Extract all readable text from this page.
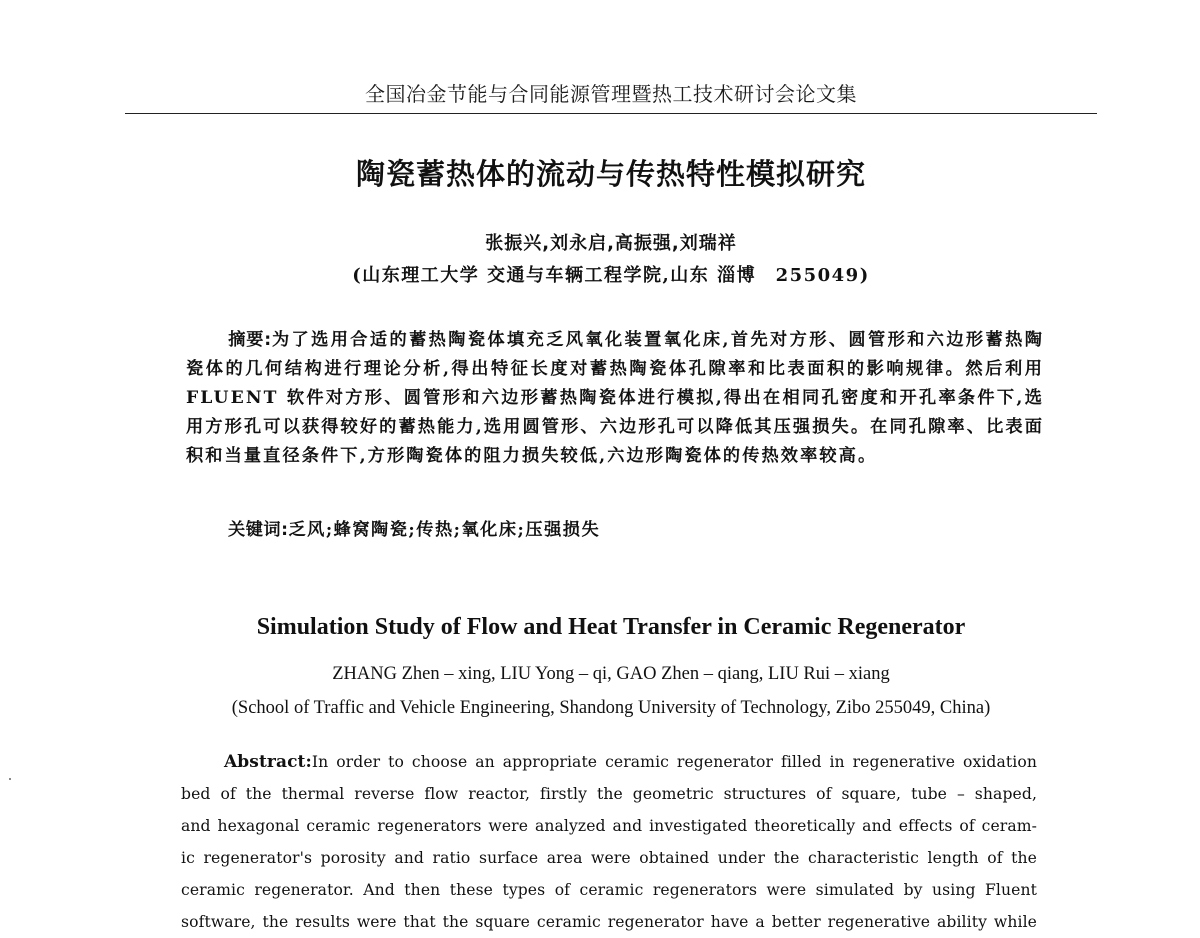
全国冶金节能与合同能源管理暨热工技术研讨会论文集
陶瓷蓄热体的流动与传热特性模拟研究
张振兴,刘永启,高振强,刘瑞祥
(山东理工大学 交通与车辆工程学院,山东 淄博　255049)
摘要:为了选用合适的蓄热陶瓷体填充乏风氧化装置氧化床,首先对方形、圆管形和六边形蓄热陶瓷体的几何结构进行理论分析,得出特征长度对蓄热陶瓷体孔隙率和比表面积的影响规律。然后利用 FLUENT 软件对方形、圆管形和六边形蓄热陶瓷体进行模拟,得出在相同孔密度和开孔率条件下,选用方形孔可以获得较好的蓄热能力,选用圆管形、六边形孔可以降低其压强损失。在同孔隙率、比表面积和当量直径条件下,方形陶瓷体的阻力损失较低,六边形陶瓷体的传热效率较高。
关键词:乏风;蜂窝陶瓷;传热;氧化床;压强损失
Simulation Study of Flow and Heat Transfer in Ceramic Regenerator
ZHANG Zhen – xing, LIU Yong – qi, GAO Zhen – qiang, LIU Rui – xiang
(School of Traffic and Vehicle Engineering, Shandong University of Technology, Zibo 255049, China)
Abstract:In order to choose an appropriate ceramic regenerator filled in regenerative oxidation
bed of the thermal reverse flow reactor, firstly the geometric structures of square, tube – shaped,
and hexagonal ceramic regenerators were analyzed and investigated theoretically and effects of ceram-
ic regenerator's porosity and ratio surface area were obtained under the characteristic length of the
ceramic regenerator. And then these types of ceramic regenerators were simulated by using Fluent
software, the results were that the square ceramic regenerator have a better regenerative ability while
